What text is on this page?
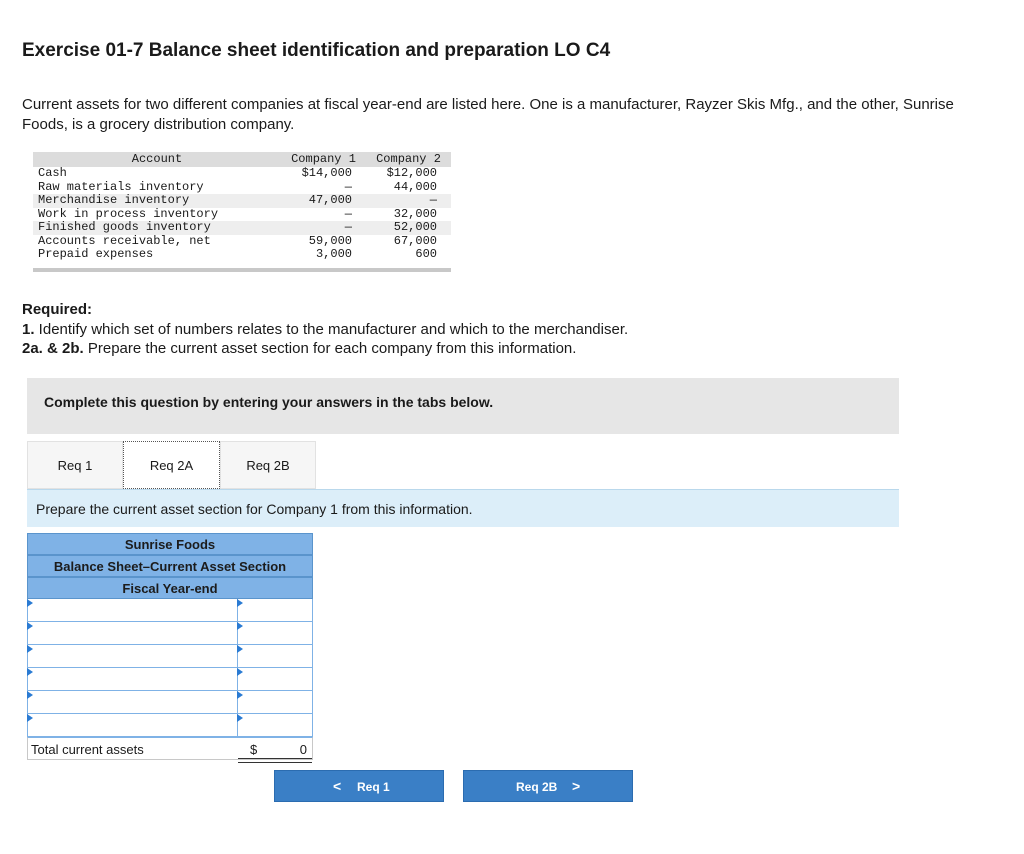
Exercise 01-7 Balance sheet identification and preparation LO C4

Current assets for two different companies at fiscal year-end are listed here. One is a manufacturer, Rayzer Skis Mfg., and the other, Sunrise Foods, is a grocery distribution company.

Account	Company 1	Company 2
Cash	$14,000	$12,000
Raw materials inventory	—	44,000
Merchandise inventory	47,000	—
Work in process inventory	—	32,000
Finished goods inventory	—	52,000
Accounts receivable, net	59,000	67,000
Prepaid expenses	3,000	600

Required:

1. Identify which set of numbers relates to the manufacturer and which to the merchandiser.

2a. & 2b. Prepare the current asset section for each company from this information.

Complete this question by entering your answers in the tabs below.
Req 1	Req 2A	Req 2B
Prepare the current asset section for Company 1 from this information.
Sunrise Foods
Balance Sheet–Current Asset Section
Fiscal Year-end
Total current assets	$	0
< Req 1	Req 2B >
